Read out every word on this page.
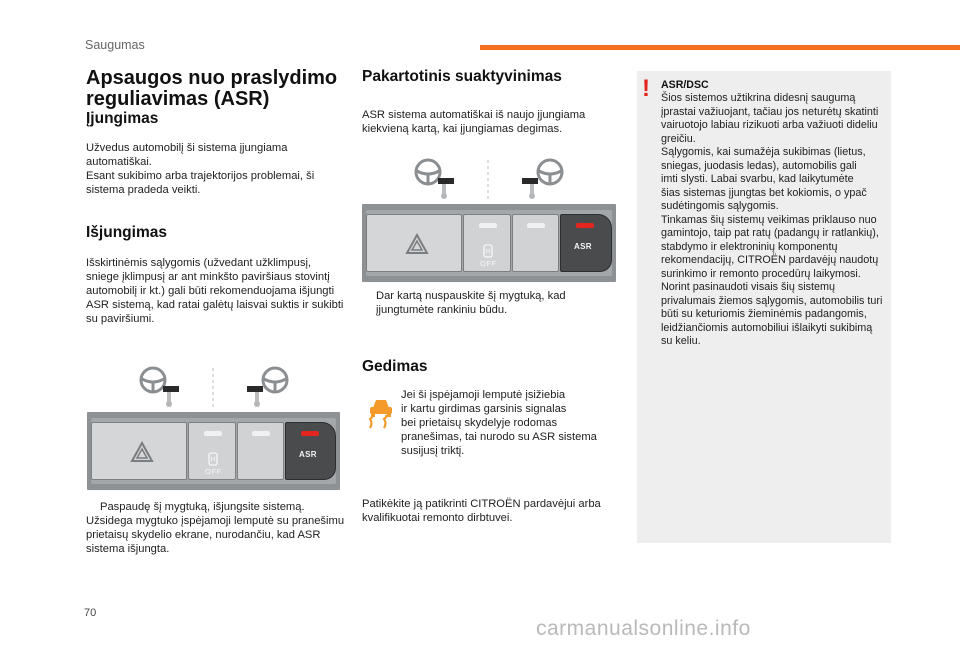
Saugumas
Apsaugos nuo praslydimo reguliavimas (ASR)
Įjungimas

Užvedus automobilį ši sistema įjungiama

automatiškai.

Esant sukibimo arba trajektorijos problemai, ši

sistema pradeda veikti.

Išjungimas

Išskirtinėmis sąlygomis (užvedant užklimpusį,

sniege įklimpusį ar ant minkšto paviršiaus stovintį

automobilį ir kt.) gali būti rekomenduojama išjungti

ASR sistemą, kad ratai galėtų laisvai suktis ir sukibti

su paviršiumi.

OFF
ASR

Paspaudę šį mygtuką, išjungsite sistemą.

Užsidega mygtuko įspėjamoji lemputė su pranešimu

prietaisų skydelio ekrane, nurodančiu, kad ASR

sistema išjungta.

Pakartotinis suaktyvinimas

ASR sistema automatiškai iš naujo įjungiama

kiekvieną kartą, kai įjungiamas degimas.

OFF
ASR

Dar kartą nuspauskite šį mygtuką, kad

įjungtumėte rankiniu būdu.

Gedimas

Jei ši įspėjamoji lemputė įsižiebia

ir kartu girdimas garsinis signalas

bei prietaisų skydelyje rodomas

pranešimas, tai nurodo su ASR sistema

susijusį triktį.

Patikėkite ją patikrinti CITROËN pardavėjui arba

kvalifikuotai remonto dirbtuvei.

! ASR/DSC

Šios sistemos užtikrina didesnį saugumą

įprastai važiuojant, tačiau jos neturėtų skatinti

vairuotojo labiau rizikuoti arba važiuoti dideliu

greičiu.

Sąlygomis, kai sumažėja sukibimas (lietus,

sniegas, juodasis ledas), automobilis gali

imti slysti. Labai svarbu, kad laikytumėte

šias sistemas įjungtas bet kokiomis, o ypač

sudėtingomis sąlygomis.

Tinkamas šių sistemų veikimas priklauso nuo

gamintojo, taip pat ratų (padangų ir ratlankių),

stabdymo ir elektroninių komponentų

rekomendacijų, CITROËN pardavėjų naudotų

surinkimo ir remonto procedūrų laikymosi.

Norint pasinaudoti visais šių sistemų

privalumais žiemos sąlygomis, automobilis turi

būti su keturiomis žieminėmis padangomis,

leidžiančiomis automobiliui išlaikyti sukibimą

su keliu.

70
carmanualsonline.info
